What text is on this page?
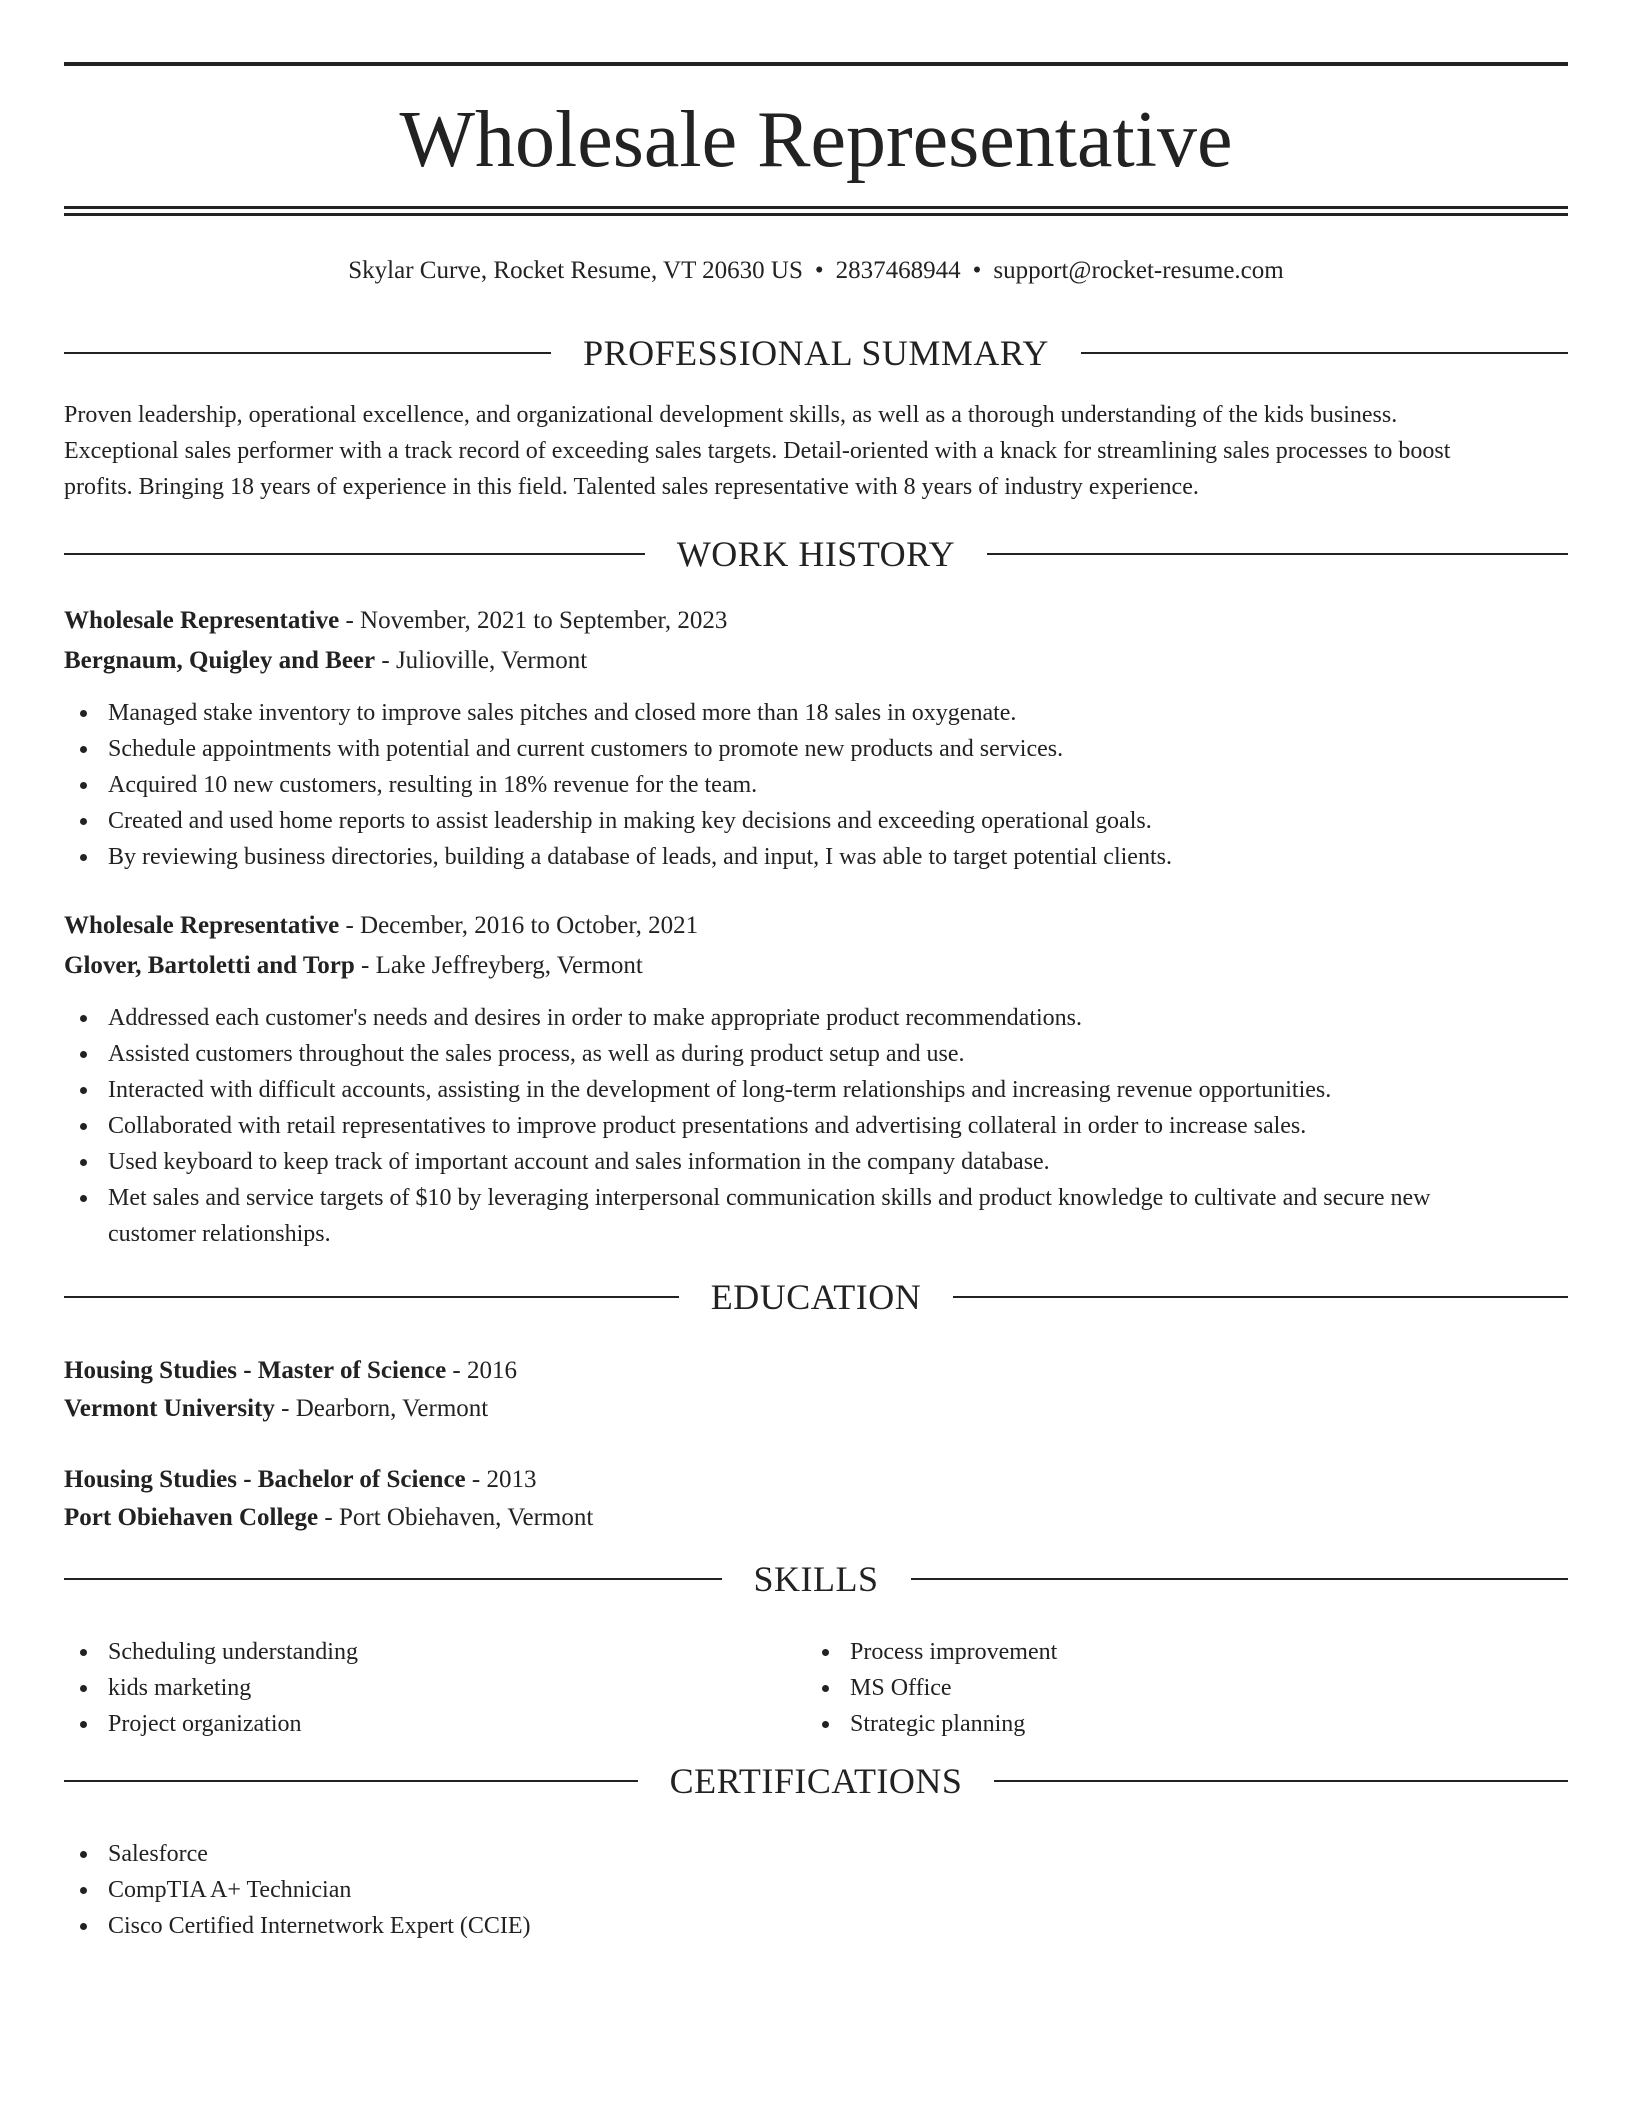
Wholesale Representative
Skylar Curve, Rocket Resume, VT 20630 US • 2837468944 • support@rocket-resume.com
PROFESSIONAL SUMMARY
Proven leadership, operational excellence, and organizational development skills, as well as a thorough understanding of the kids business.
Exceptional sales performer with a track record of exceeding sales targets. Detail-oriented with a knack for streamlining sales processes to boost
profits. Bringing 18 years of experience in this field. Talented sales representative with 8 years of industry experience.
WORK HISTORY
Wholesale Representative - November, 2021 to September, 2023
Bergnaum, Quigley and Beer - Julioville, Vermont
Managed stake inventory to improve sales pitches and closed more than 18 sales in oxygenate.
Schedule appointments with potential and current customers to promote new products and services.
Acquired 10 new customers, resulting in 18% revenue for the team.
Created and used home reports to assist leadership in making key decisions and exceeding operational goals.
By reviewing business directories, building a database of leads, and input, I was able to target potential clients.
Wholesale Representative - December, 2016 to October, 2021
Glover, Bartoletti and Torp - Lake Jeffreyberg, Vermont
Addressed each customer's needs and desires in order to make appropriate product recommendations.
Assisted customers throughout the sales process, as well as during product setup and use.
Interacted with difficult accounts, assisting in the development of long-term relationships and increasing revenue opportunities.
Collaborated with retail representatives to improve product presentations and advertising collateral in order to increase sales.
Used keyboard to keep track of important account and sales information in the company database.
Met sales and service targets of $10 by leveraging interpersonal communication skills and product knowledge to cultivate and secure new
customer relationships.
EDUCATION
Housing Studies - Master of Science - 2016
Vermont University - Dearborn, Vermont
Housing Studies - Bachelor of Science - 2013
Port Obiehaven College - Port Obiehaven, Vermont
SKILLS
Scheduling understanding
kids marketing
Project organization
Process improvement
MS Office
Strategic planning
CERTIFICATIONS
Salesforce
CompTIA A+ Technician
Cisco Certified Internetwork Expert (CCIE)
